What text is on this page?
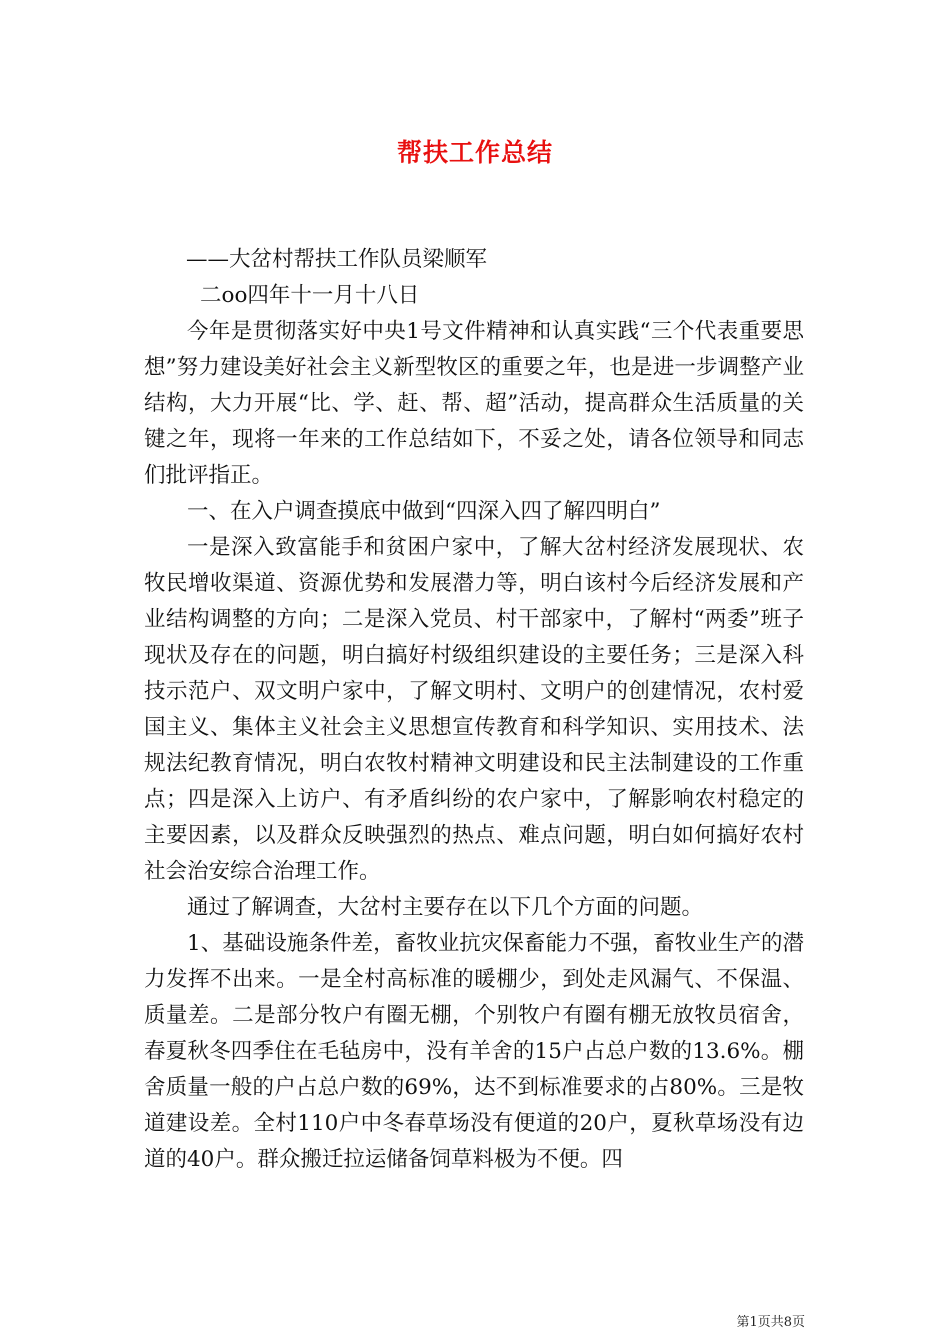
帮扶工作总结

——大岔村帮扶工作队员梁顺军

二oo四年十一月十八日

今年是贯彻落实好中央1号文件精神和认真实践“三个代表重要思想”努力建设美好社会主义新型牧区的重要之年，也是进一步调整产业结构，大力开展“比、学、赶、帮、超”活动，提高群众生活质量的关键之年，现将一年来的工作总结如下，不妥之处，请各位领导和同志们批评指正。

一、在入户调查摸底中做到“四深入四了解四明白”

一是深入致富能手和贫困户家中，了解大岔村经济发展现状、农牧民增收渠道、资源优势和发展潜力等，明白该村今后经济发展和产业结构调整的方向；二是深入党员、村干部家中，了解村“两委”班子现状及存在的问题，明白搞好村级组织建设的主要任务；三是深入科技示范户、双文明户家中，了解文明村、文明户的创建情况，农村爱国主义、集体主义社会主义思想宣传教育和科学知识、实用技术、法规法纪教育情况，明白农牧村精神文明建设和民主法制建设的工作重点；四是深入上访户、有矛盾纠纷的农户家中，了解影响农村稳定的主要因素，以及群众反映强烈的热点、难点问题，明白如何搞好农村社会治安综合治理工作。

通过了解调查，大岔村主要存在以下几个方面的问题。

1、基础设施条件差，畜牧业抗灾保畜能力不强，畜牧业生产的潜力发挥不出来。一是全村高标准的暖棚少，到处走风漏气、不保温、质量差。二是部分牧户有圈无棚，个别牧户有圈有棚无放牧员宿舍，春夏秋冬四季住在毛毡房中，没有羊舍的15户占总户数的13.6%。棚舍质量一般的户占总户数的69%，达不到标准要求的占80%。三是牧道建设差。全村110户中冬春草场没有便道的20户，夏秋草场没有边道的40户。群众搬迁拉运储备饲草料极为不便。四

第1页共8页
